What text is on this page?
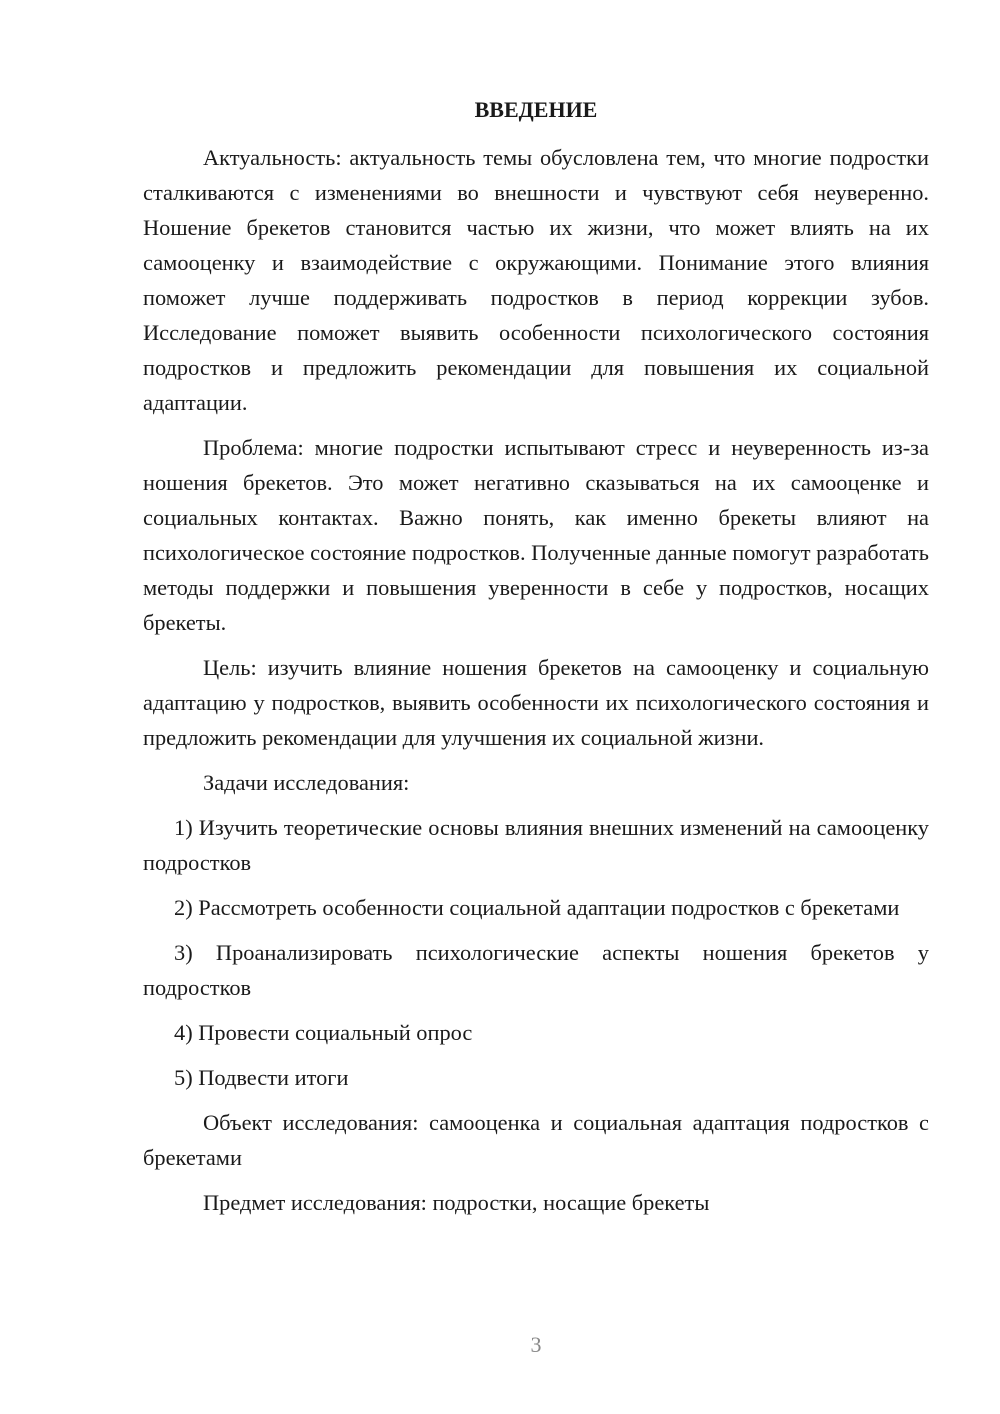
ВВЕДЕНИЕ

Актуальность: актуальность темы обусловлена тем, что многие подростки сталкиваются с изменениями во внешности и чувствуют себя неуверенно. Ношение брекетов становится частью их жизни, что может влиять на их самооценку и взаимодействие с окружающими. Понимание этого влияния поможет лучше поддерживать подростков в период коррекции зубов. Исследование поможет выявить особенности психологического состояния подростков и предложить рекомендации для повышения их социальной адаптации.

Проблема: многие подростки испытывают стресс и неуверенность из-за ношения брекетов. Это может негативно сказываться на их самооценке и социальных контактах. Важно понять, как именно брекеты влияют на психологическое состояние подростков. Полученные данные помогут разработать методы поддержки и повышения уверенности в себе у подростков, носащих брекеты.

Цель: изучить влияние ношения брекетов на самооценку и социальную адаптацию у подростков, выявить особенности их психологического состояния и предложить рекомендации для улучшения их социальной жизни.

Задачи исследования:

1) Изучить теоретические основы влияния внешних изменений на самооценку подростков

2) Рассмотреть особенности социальной адаптации подростков с брекетами

3) Проанализировать психологические аспекты ношения брекетов у подростков

4) Провести социальный опрос

5) Подвести итоги

Объект исследования: самооценка и социальная адаптация подростков с брекетами

Предмет исследования: подростки, носащие брекеты

3
